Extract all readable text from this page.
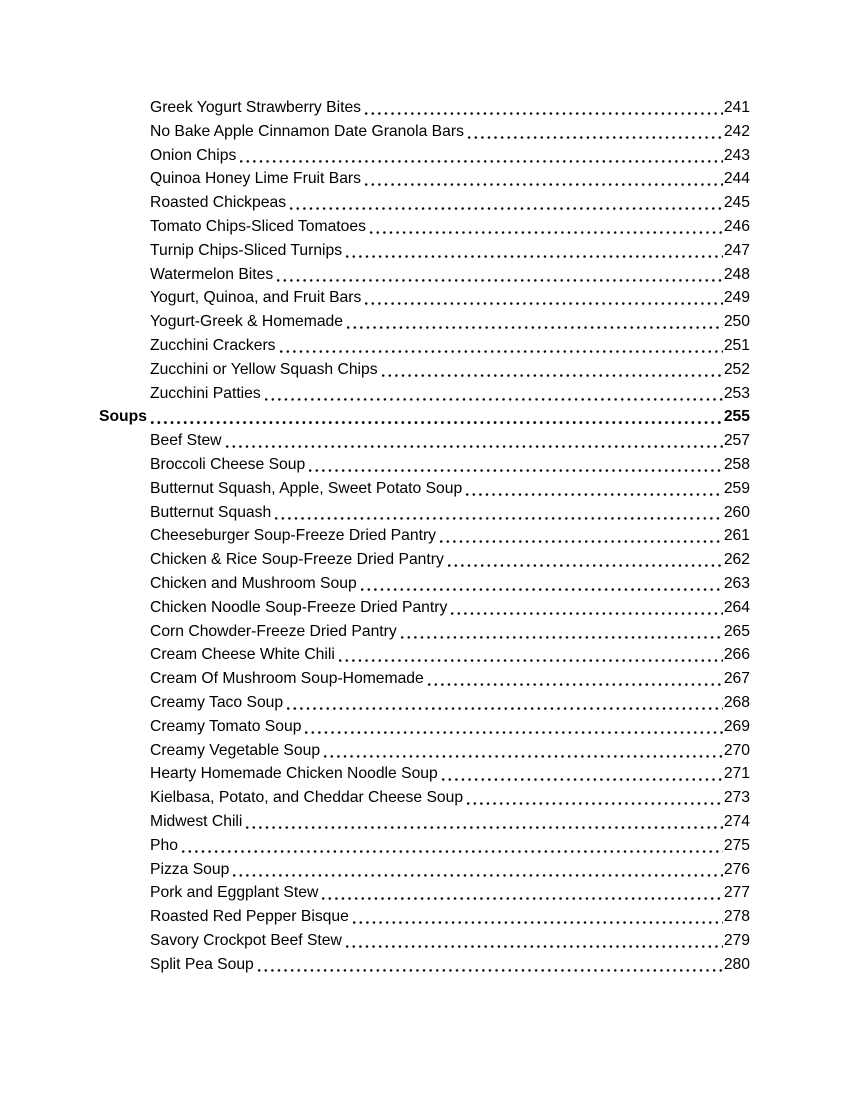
Greek Yogurt Strawberry Bites	241
No Bake Apple Cinnamon Date Granola Bars	242
Onion Chips	243
Quinoa Honey Lime Fruit Bars	244
Roasted Chickpeas	245
Tomato Chips-Sliced Tomatoes	246
Turnip Chips-Sliced Turnips	247
Watermelon Bites	248
Yogurt, Quinoa, and Fruit Bars	249
Yogurt-Greek & Homemade	250
Zucchini Crackers	251
Zucchini or Yellow Squash Chips	252
Zucchini Patties	253
Soups	255
Beef Stew	257
Broccoli Cheese Soup	258
Butternut Squash, Apple, Sweet Potato Soup	259
Butternut Squash	260
Cheeseburger Soup-Freeze Dried Pantry	261
Chicken & Rice Soup-Freeze Dried Pantry	262
Chicken and Mushroom Soup	263
Chicken Noodle Soup-Freeze Dried Pantry	264
Corn Chowder-Freeze Dried Pantry	265
Cream Cheese White Chili	266
Cream Of Mushroom Soup-Homemade	267
Creamy Taco Soup	268
Creamy Tomato Soup	269
Creamy Vegetable Soup	270
Hearty Homemade Chicken Noodle Soup	271
Kielbasa, Potato, and Cheddar Cheese Soup	273
Midwest Chili	274
Pho	275
Pizza Soup	276
Pork and Eggplant Stew	277
Roasted Red Pepper Bisque	278
Savory Crockpot Beef Stew	279
Split Pea Soup	280
